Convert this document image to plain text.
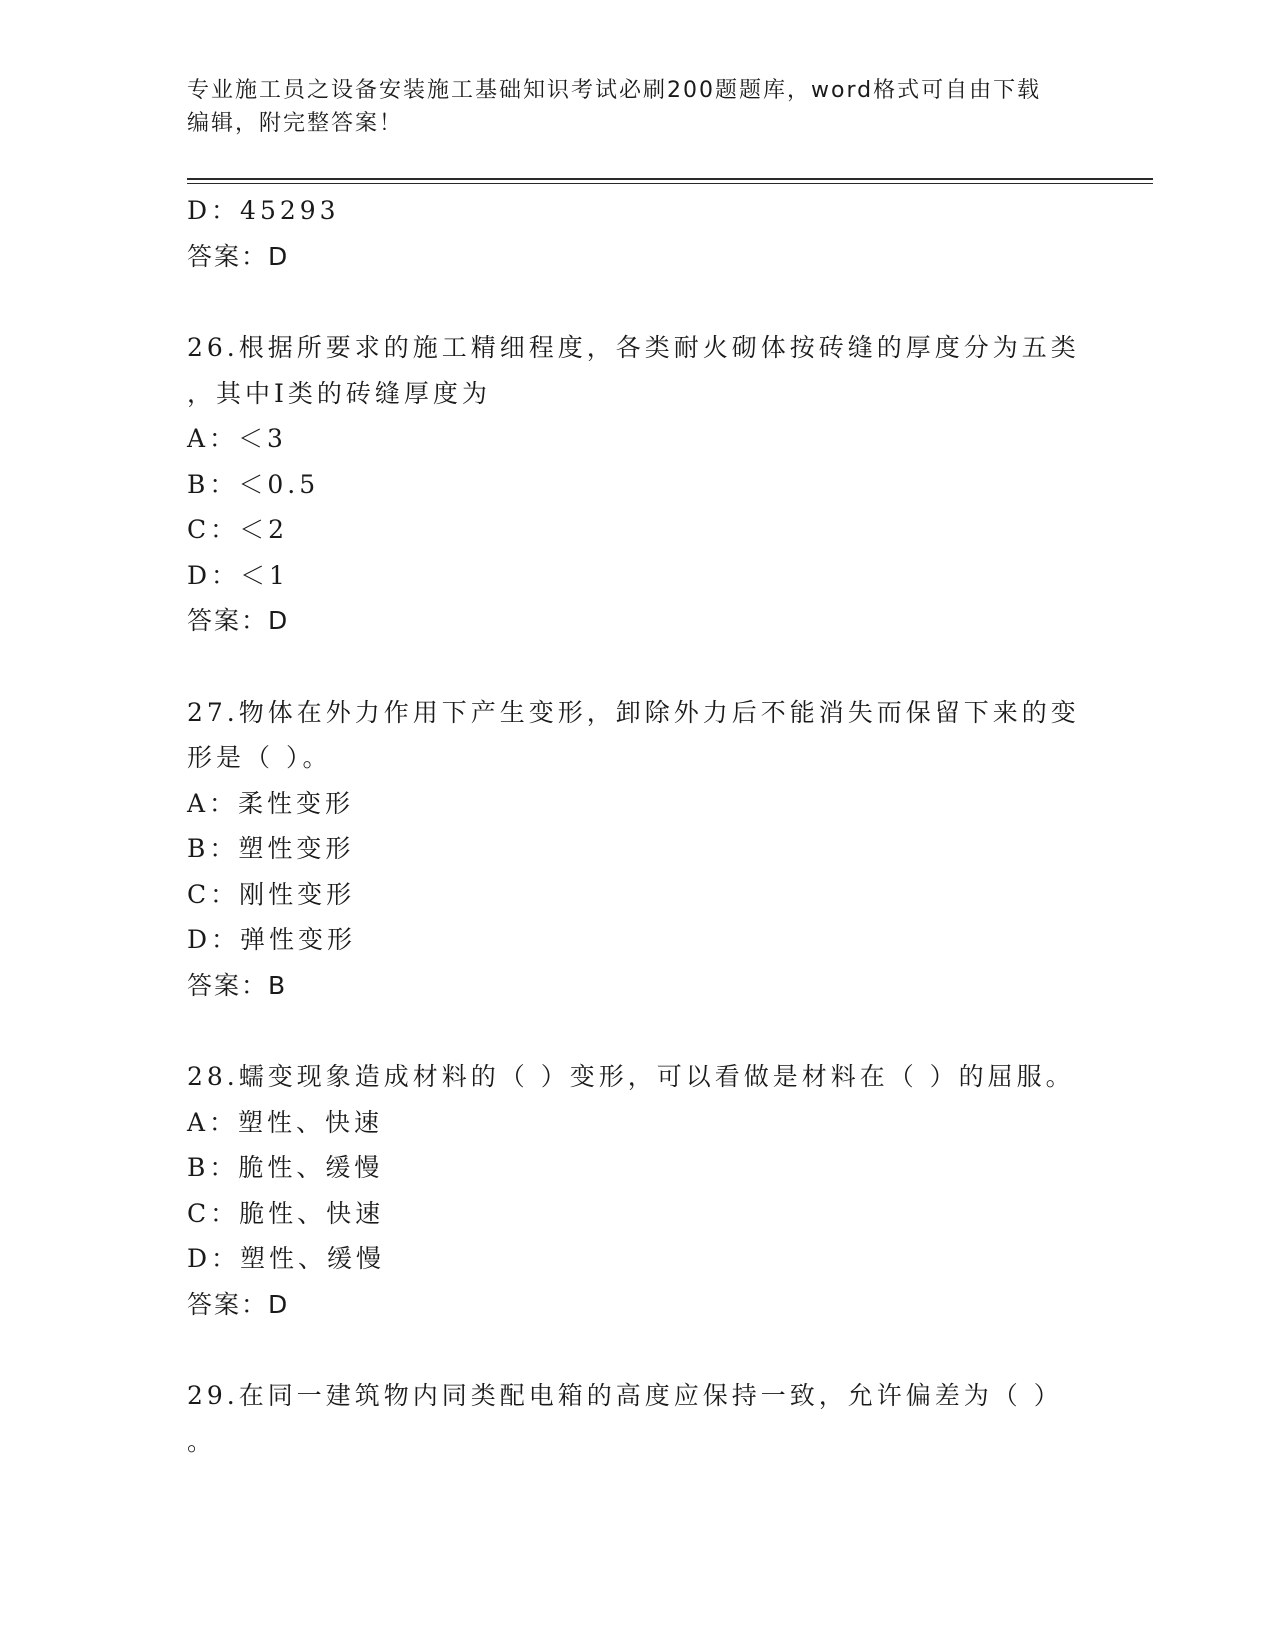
专业施工员之设备安装施工基础知识考试必刷200题题库，word格式可自由下载
编辑，附完整答案！
D：45293
答案：D
26.根据所要求的施工精细程度，各类耐火砌体按砖缝的厚度分为五类
，其中Ⅰ类的砖缝厚度为
A：＜3
B：＜0.5
C：＜2
D：＜1
答案：D
27.物体在外力作用下产生变形，卸除外力后不能消失而保留下来的变
形是（ ）。
A：柔性变形
B：塑性变形
C：刚性变形
D：弹性变形
答案：B
28.蠕变现象造成材料的（ ）变形，可以看做是材料在（ ）的屈服。
A：塑性、快速
B：脆性、缓慢
C：脆性、快速
D：塑性、缓慢
答案：D
29.在同一建筑物内同类配电箱的高度应保持一致，允许偏差为（ ）
。
